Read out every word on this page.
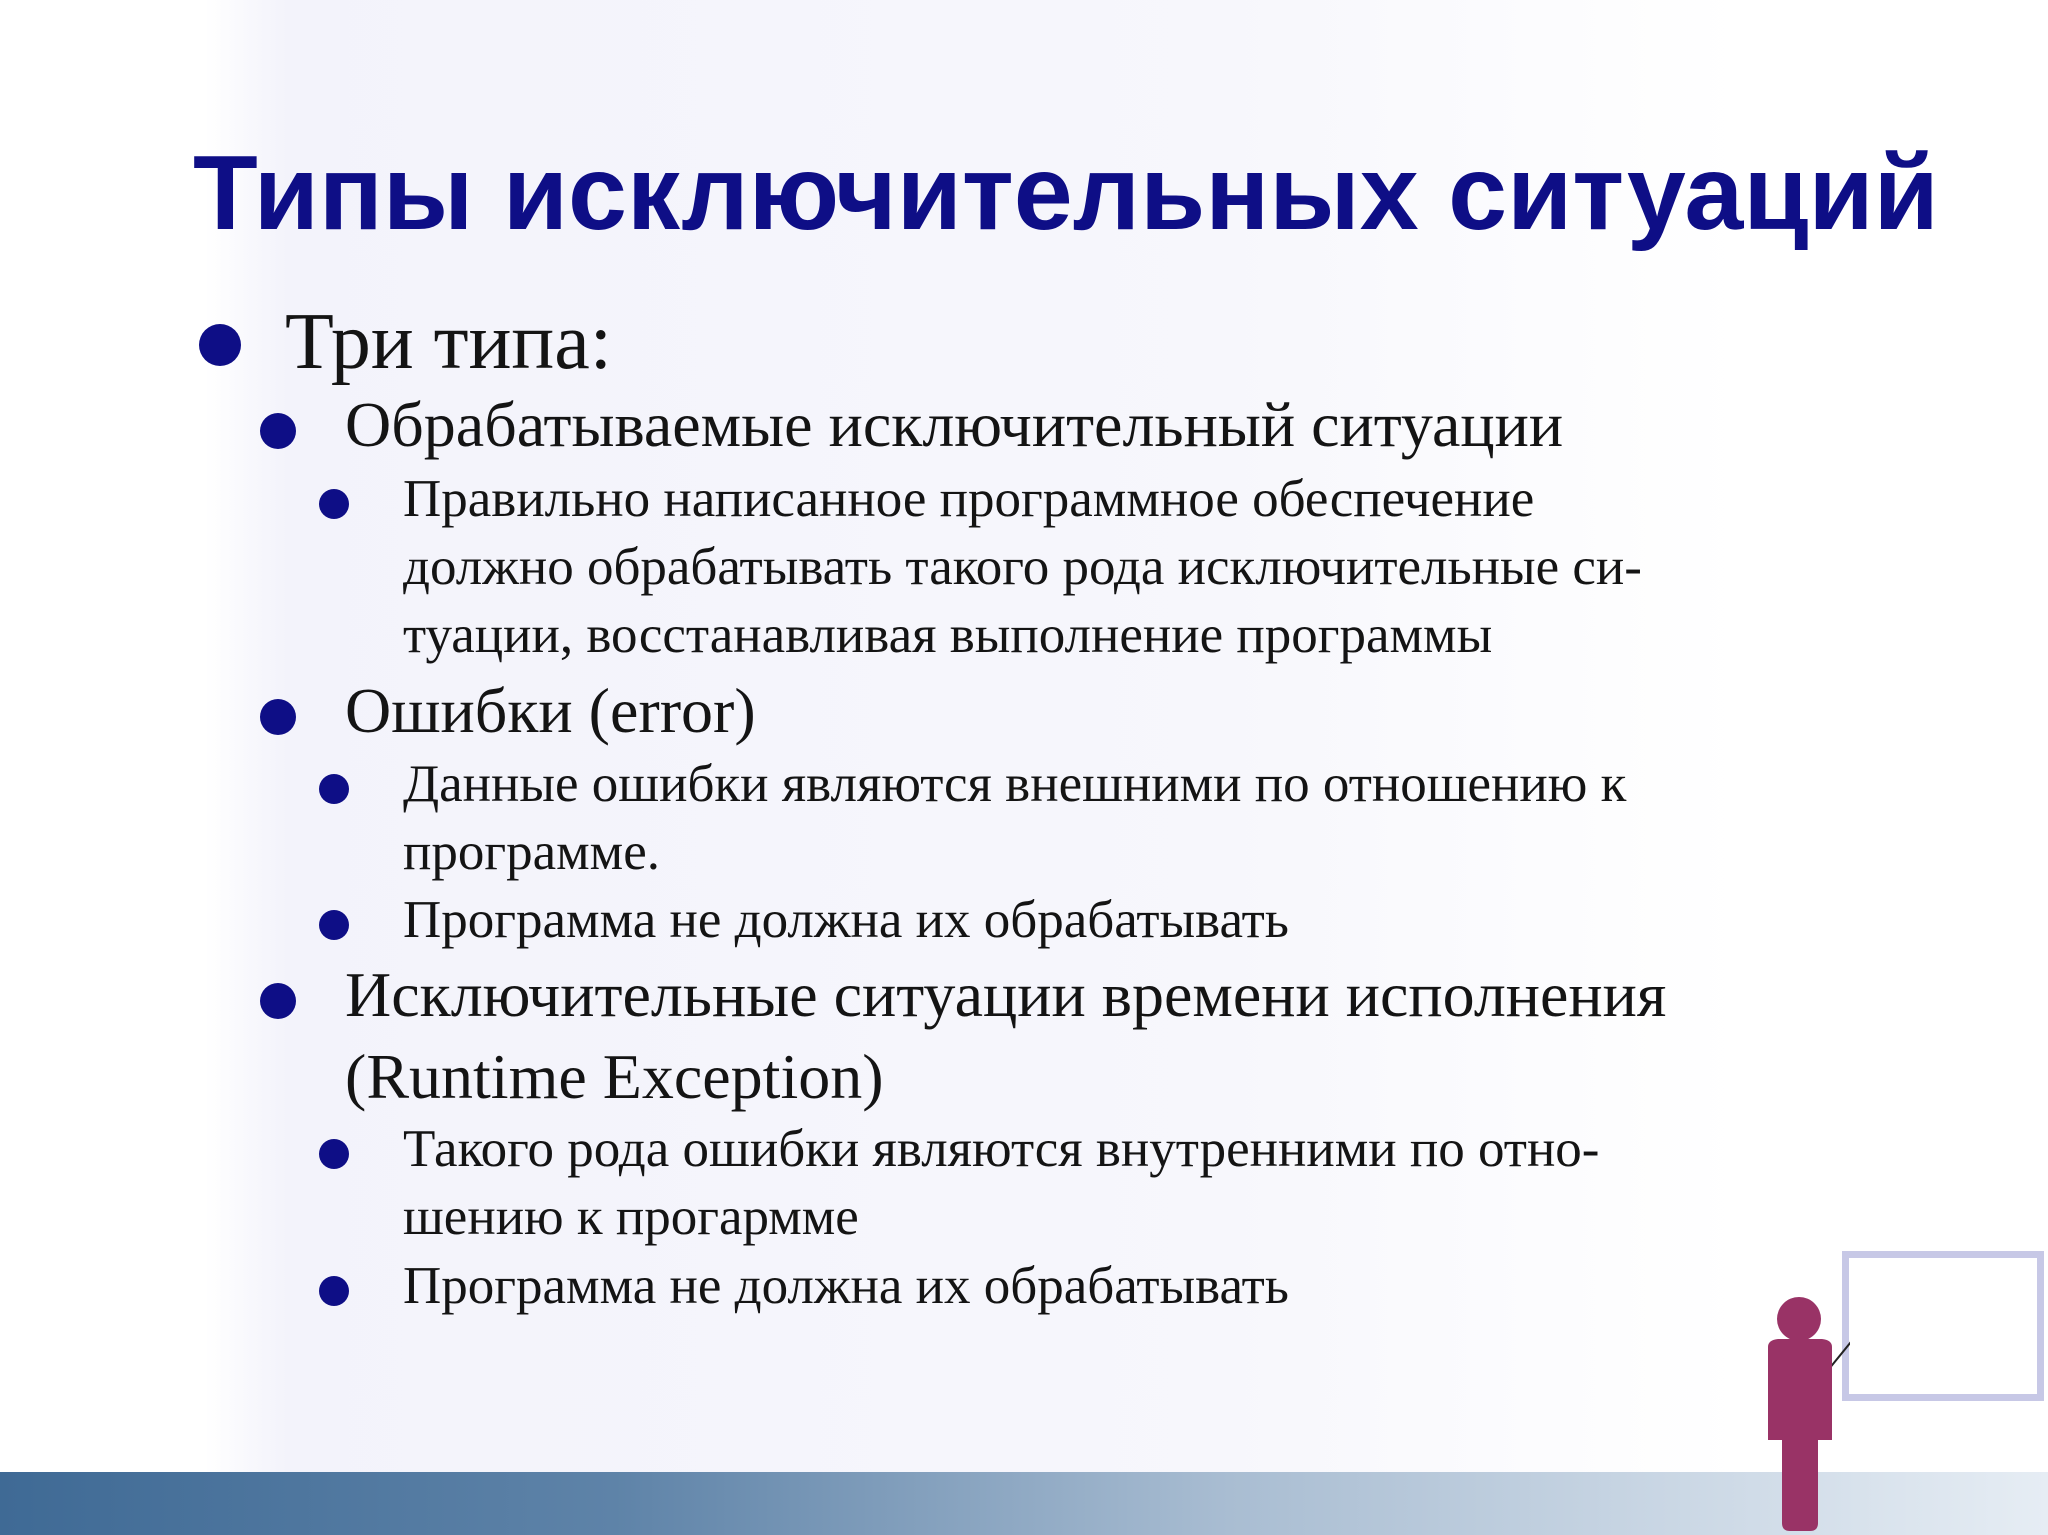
Типы исключительных ситуаций
Три типа:
Обрабатываемые исключительный ситуации
Правильно написанное программное обеспечение
должно обрабатывать такого рода исключительные си-
туации, восстанавливая выполнение программы
Ошибки (error)
Данные ошибки являются внешними по отношению к
программе.
Программа не должна их обрабатывать
Исключительные ситуации времени исполнения
(Runtime Exception)
Такого рода ошибки являются внутренними по отно-
шению к прогармме
Программа не должна их обрабатывать
